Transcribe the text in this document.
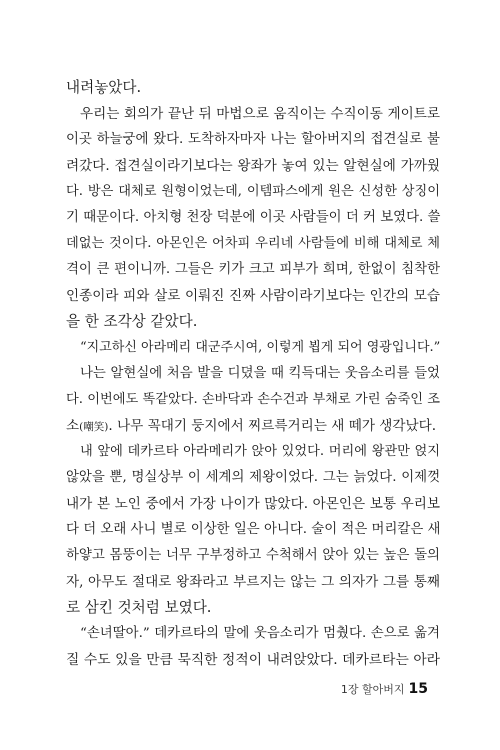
내려놓았다.
우리는 회의가 끝난 뒤 마법으로 움직이는 수직이동 게이트로
이곳 하늘궁에 왔다. 도착하자마자 나는 할아버지의 접견실로 불
려갔다. 접견실이라기보다는 왕좌가 놓여 있는 알현실에 가까웠
다. 방은 대체로 원형이었는데, 이템파스에게 원은 신성한 상징이
기 때문이다. 아치형 천장 덕분에 이곳 사람들이 더 커 보였다. 쓸
데없는 것이다. 아몬인은 어차피 우리네 사람들에 비해 대체로 체
격이 큰 편이니까. 그들은 키가 크고 피부가 희며, 한없이 침착한
인종이라 피와 살로 이뤄진 진짜 사람이라기보다는 인간의 모습
을 한 조각상 같았다.
“지고하신 아라메리 대군주시여, 이렇게 뵙게 되어 영광입니다.”
나는 알현실에 처음 발을 디뎠을 때 킥득대는 웃음소리를 들었
다. 이번에도 똑같았다. 손바닥과 손수건과 부채로 가린 숨죽인 조
소(嘲笑). 나무 꼭대기 둥지에서 찌르륵거리는 새 떼가 생각났다.
내 앞에 데카르타 아라메리가 앉아 있었다. 머리에 왕관만 얹지
않았을 뿐, 명실상부 이 세계의 제왕이었다. 그는 늙었다. 이제껏
내가 본 노인 중에서 가장 나이가 많았다. 아몬인은 보통 우리보
다 더 오래 사니 별로 이상한 일은 아니다. 술이 적은 머리칼은 새
하얗고 몸뚱이는 너무 구부정하고 수척해서 앉아 있는 높은 돌의
자, 아무도 절대로 왕좌라고 부르지는 않는 그 의자가 그를 통째
로 삼킨 것처럼 보였다.
“손녀딸아.” 데카르타의 말에 웃음소리가 멈췄다. 손으로 옮겨
질 수도 있을 만큼 묵직한 정적이 내려앉았다. 데카르타는 아라
1장 할아버지 15
